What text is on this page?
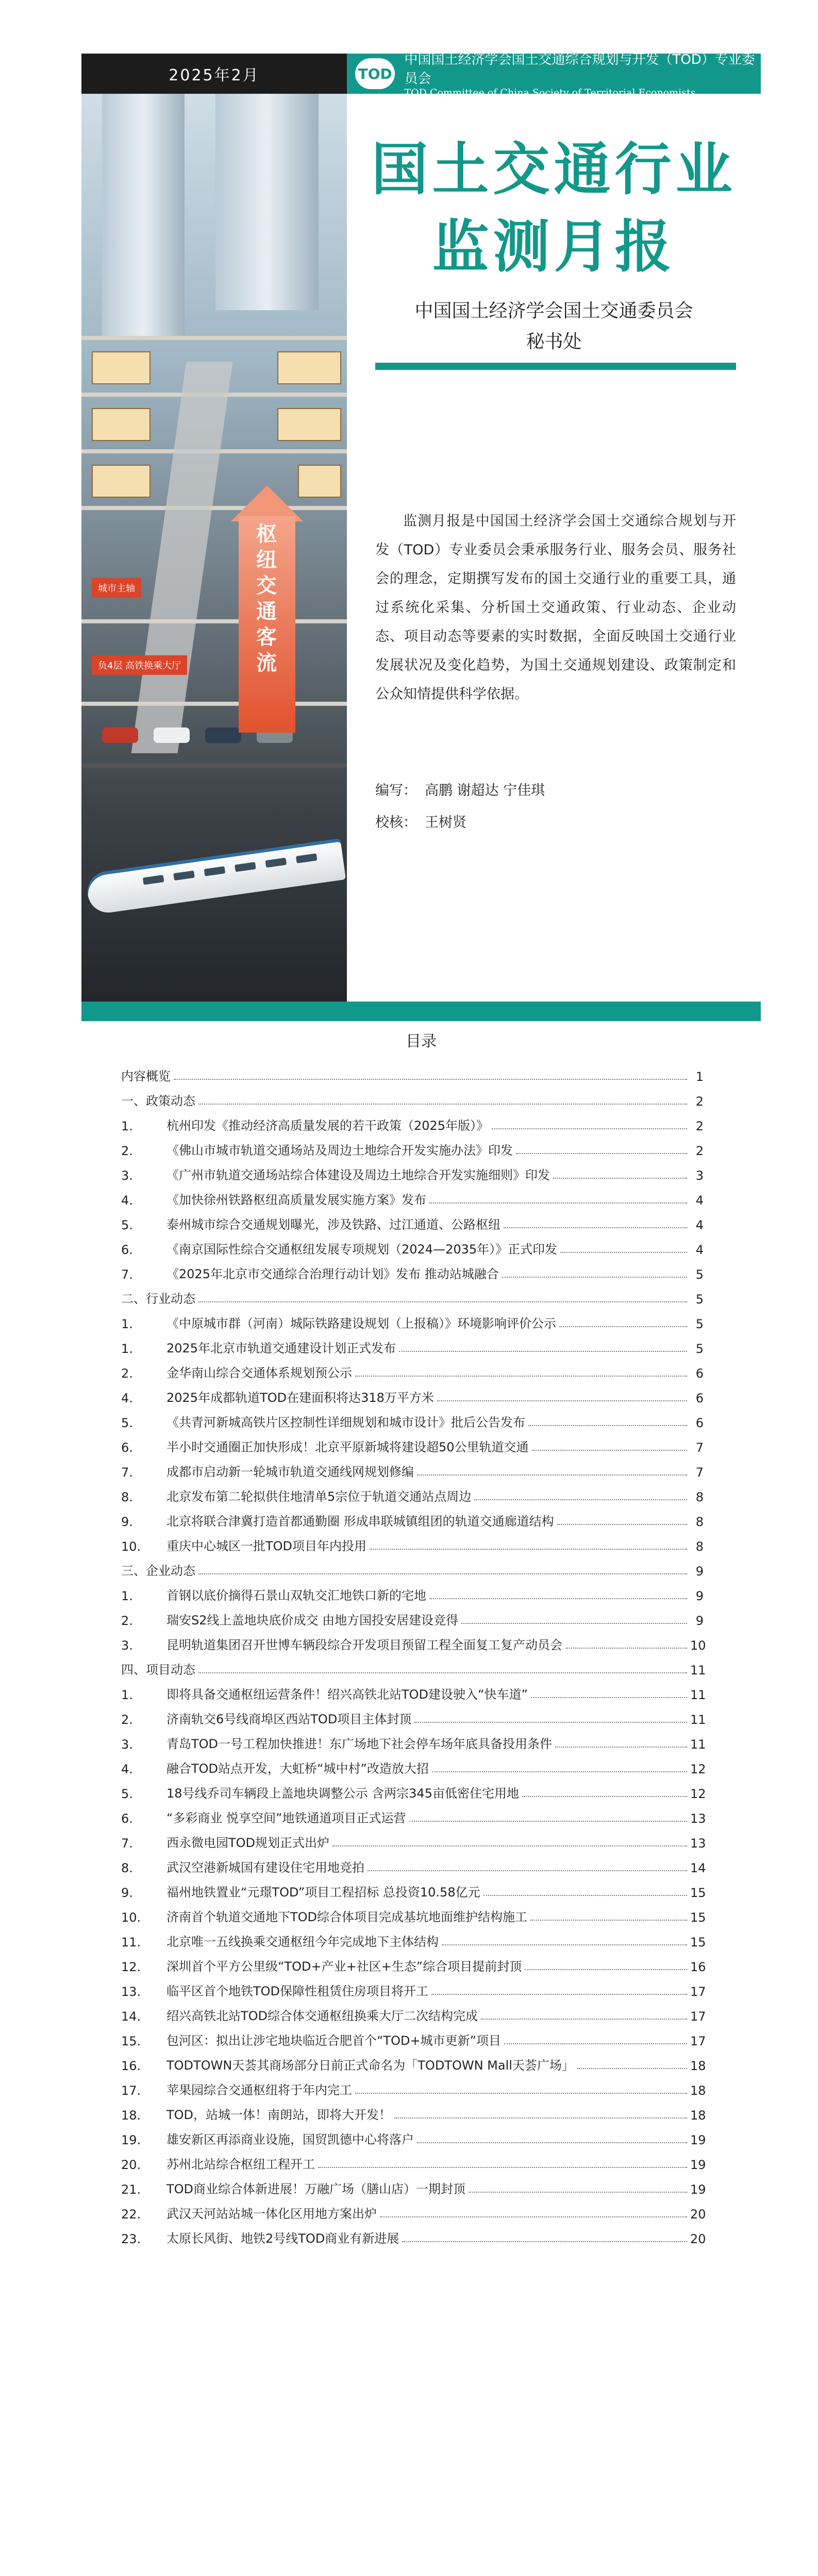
2025年2月	TOD
中国国土经济学会国土交通综合规划与开发（TOD）专业委员会
TOD Committee of China Society of Territorial Economists
城市主轴
负4层 高铁换乘大厅
枢
纽
交
通
客
流
国土交通行业
监测月报
中国国土经济学会国土交通委员会
秘书处
监测月报是中国国土经济学会国土交通综合规划与开发（TOD）专业委员会秉承服务行业、服务会员、服务社会的理念，定期撰写发布的国土交通行业的重要工具，通过系统化采集、分析国土交通政策、行业动态、企业动态、项目动态等要素的实时数据，全面反映国土交通行业发展状况及变化趋势，为国土交通规划建设、政策制定和公众知情提供科学依据。
编写： 高鹏 谢超达 宁佳琪
校核： 王树贤
目录
内容概览	1
一、政策动态	2
1.	杭州印发《推动经济高质量发展的若干政策（2025年版）》	2
2.	《佛山市城市轨道交通场站及周边土地综合开发实施办法》印发	2
3.	《广州市轨道交通场站综合体建设及周边土地综合开发实施细则》印发	3
4.	《加快徐州铁路枢纽高质量发展实施方案》发布	4
5.	泰州城市综合交通规划曝光，涉及铁路、过江通道、公路枢纽	4
6.	《南京国际性综合交通枢纽发展专项规划（2024—2035年）》正式印发	4
7.	《2025年北京市交通综合治理行动计划》发布 推动站城融合	5
二、行业动态	5
1.	《中原城市群（河南）城际铁路建设规划（上报稿）》环境影响评价公示	5
1.	2025年北京市轨道交通建设计划正式发布	5
2.	金华南山综合交通体系规划预公示	6
4.	2025年成都轨道TOD在建面积将达318万平方米	6
5.	《共青河新城高铁片区控制性详细规划和城市设计》批后公告发布	6
6.	半小时交通圈正加快形成！北京平原新城将建设超50公里轨道交通	7
7.	成都市启动新一轮城市轨道交通线网规划修编	7
8.	北京发布第二轮拟供住地清单5宗位于轨道交通站点周边	8
9.	北京将联合津冀打造首都通勤圈 形成串联城镇组团的轨道交通廊道结构	8
10.	重庆中心城区一批TOD项目年内投用	8
三、企业动态	9
1.	首钢以底价摘得石景山双轨交汇地铁口新的宅地	9
2.	瑞安S2线上盖地块底价成交 由地方国投安居建设竞得	9
3.	昆明轨道集团召开世博车辆段综合开发项目预留工程全面复工复产动员会	10
四、项目动态	11
1.	即将具备交通枢纽运营条件！绍兴高铁北站TOD建设驶入“快车道”	11
2.	济南轨交6号线商埠区西站TOD项目主体封顶	11
3.	青岛TOD一号工程加快推进！东广场地下社会停车场年底具备投用条件	11
4.	融合TOD站点开发，大虹桥“城中村”改造放大招	12
5.	18号线乔司车辆段上盖地块调整公示 含两宗345亩低密住宅用地	12
6.	“多彩商业 悦享空间”地铁通道项目正式运营	13
7.	西永微电园TOD规划正式出炉	13
8.	武汉空港新城国有建设住宅用地竞拍	14
9.	福州地铁置业“元璟TOD”项目工程招标 总投资10.58亿元	15
10.	济南首个轨道交通地下TOD综合体项目完成基坑地面维护结构施工	15
11.	北京唯一五线换乘交通枢纽今年完成地下主体结构	15
12.	深圳首个平方公里级“TOD+产业+社区+生态”综合项目提前封顶	16
13.	临平区首个地铁TOD保障性租赁住房项目将开工	17
14.	绍兴高铁北站TOD综合体交通枢纽换乘大厅二次结构完成	17
15.	包河区：拟出让涉宅地块临近合肥首个“TOD+城市更新”项目	17
16.	TODTOWN天荟其商场部分日前正式命名为「TODTOWN Mall天荟广场」	18
17.	苹果园综合交通枢纽将于年内完工	18
18.	TOD，站城一体！南朗站，即将大开发！	18
19.	雄安新区再添商业设施，国贸凯德中心将落户	19
20.	苏州北站综合枢纽工程开工	19
21.	TOD商业综合体新进展！万融广场（膳山店）一期封顶	19
22.	武汉天河站站城一体化区用地方案出炉	20
23.	太原长风街、地铁2号线TOD商业有新进展	20
